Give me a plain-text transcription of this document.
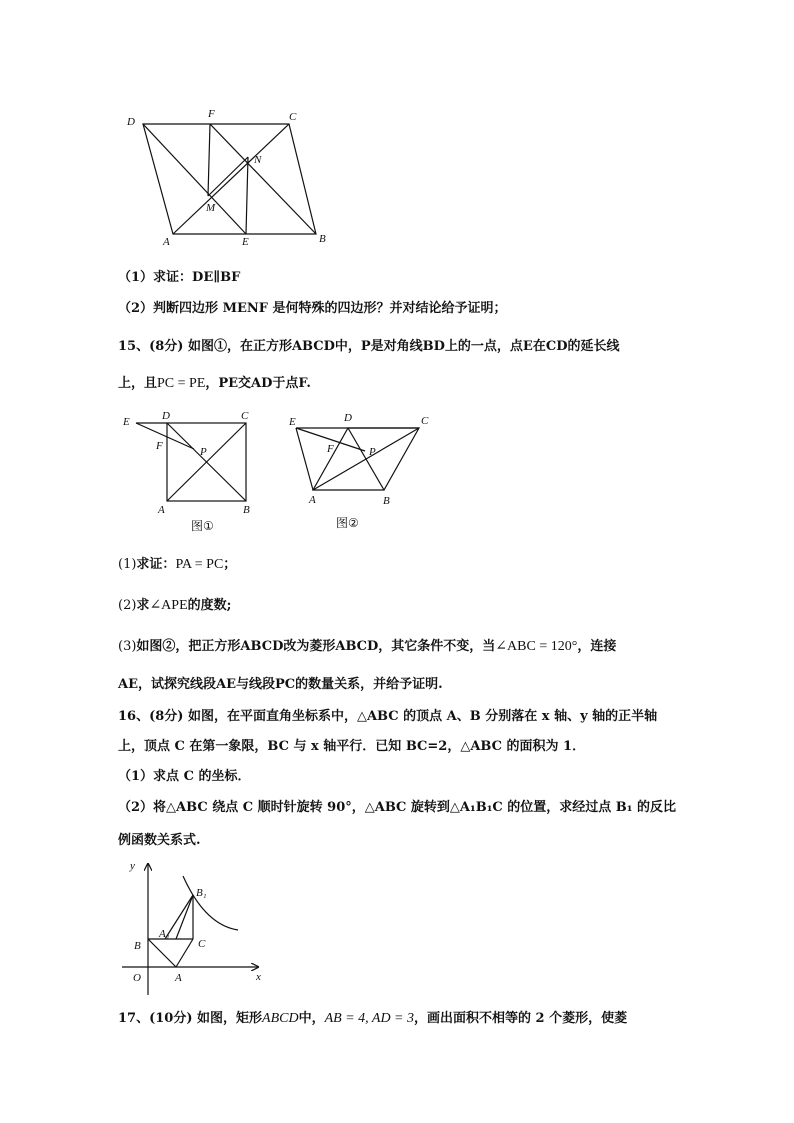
D
F	C
N
M
A	E	B
（1）求证：DE∥BF
（2）判断四边形 MENF 是何特殊的四边形？并对结论给予证明；
15、(8分) 如图①，在正方形ABCD中，P是对角线BD上的一点，点E在CD的延长线
上，且PC = PE，PE交AD于点F.
E	D	C
F	P
A	B
图①
E	D	C
F	P
A	B
图②
(1)求证：PA = PC；
(2)求∠APE的度数;
(3)如图②，把正方形ABCD改为菱形ABCD，其它条件不变，当∠ABC = 120°，连接
AE，试探究线段AE与线段PC的数量关系，并给予证明.
16、(8分) 如图，在平面直角坐标系中，△ABC 的顶点 A、B 分别落在 x 轴、y 轴的正半轴
上，顶点 C 在第一象限，BC 与 x 轴平行．已知 BC=2，△ABC 的面积为 1．
（1）求点 C 的坐标．
（2）将△ABC 绕点 C 顺时针旋转 90°，△ABC 旋转到△A₁B₁C 的位置，求经过点 B₁ 的反比
例函数关系式.
y
x
O
B
A
C
B₁
A₁
17、(10分) 如图，矩形ABCD中，AB = 4, AD = 3，画出面积不相等的 2 个菱形，使菱
